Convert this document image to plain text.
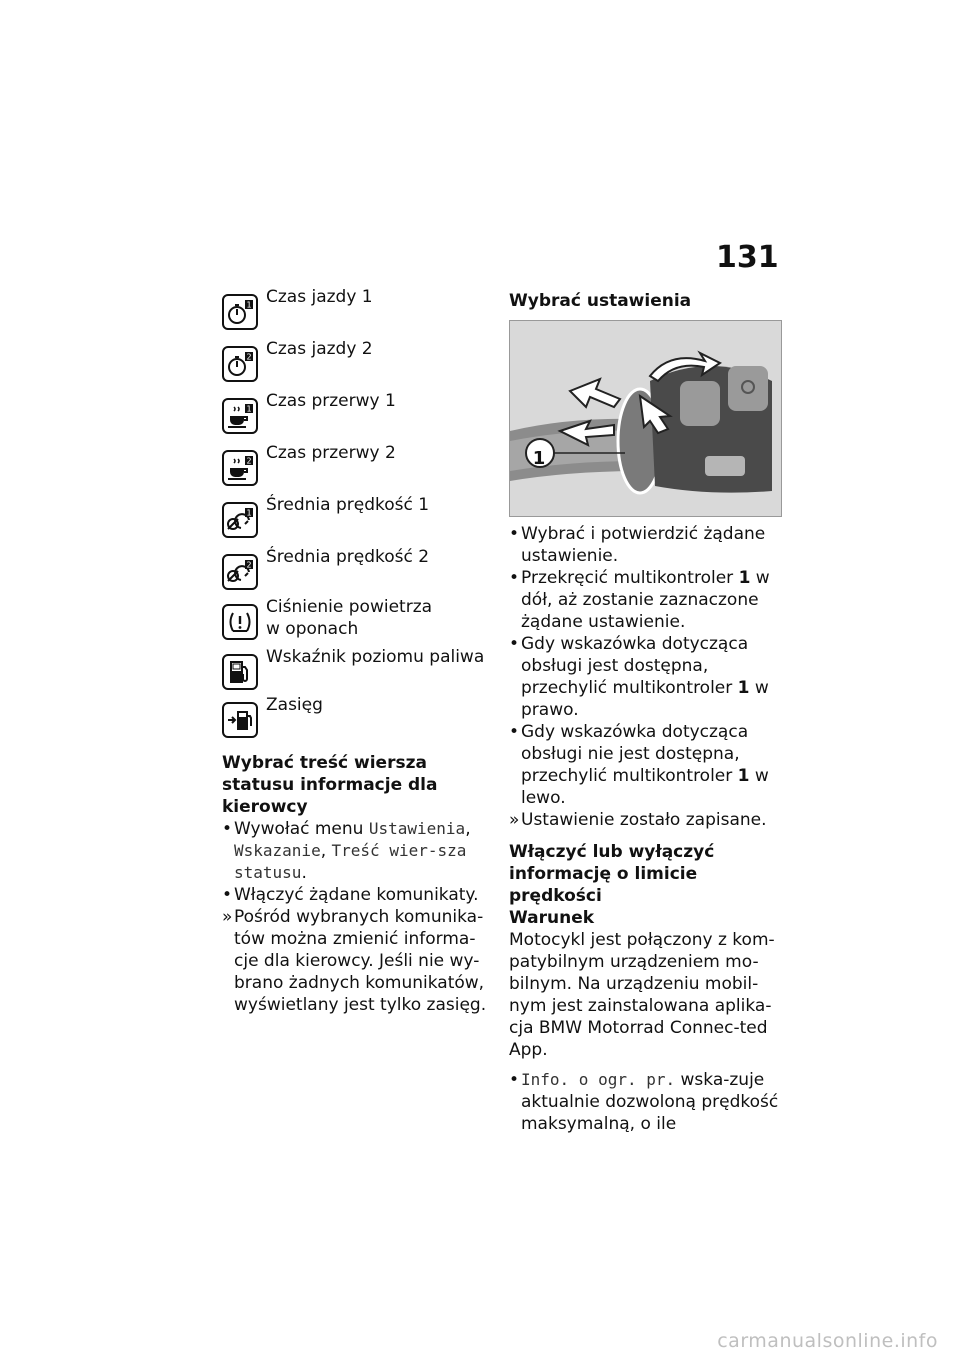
131
1 Czas jazdy 1
2 Czas jazdy 2
1 Czas przerwy 1
2 Czas przerwy 2
1 Średnia prędkość 1
2 Średnia prędkość 2
Ciśnienie powietrza
w oponach
Wskaźnik poziomu paliwa
Zasięg
Wybrać treść wiersza statusu informacje dla kierowcy
• Wywołać menu Ustawienia, Wskazanie, Treść wier-sza statusu.
• Włączyć żądane komunikaty.
» Pośród wybranych komunika-tów można zmienić informa-cje dla kierowcy. Jeśli nie wy-brano żadnych komunikatów, wyświetlany jest tylko zasięg.
Wybrać ustawienia
1
• Wybrać i potwierdzić żądane ustawienie.
• Przekręcić multikontroler 1 w dół, aż zostanie zaznaczone żądane ustawienie.
• Gdy wskazówka dotycząca obsługi jest dostępna, przechylić multikontroler 1 w prawo.
• Gdy wskazówka dotycząca obsługi nie jest dostępna, przechylić multikontroler 1 w lewo.
» Ustawienie zostało zapisane.
Włączyć lub wyłączyć informację o limicie prędkości
Warunek
Motocykl jest połączony z kom-patybilnym urządzeniem mo-bilnym. Na urządzeniu mobil-nym jest zainstalowana aplika-cja BMW Motorrad Connec-ted App.
• Info. o ogr. pr. wska-zuje aktualnie dozwoloną prędkość maksymalną, o ile
carmanualsonline.info
